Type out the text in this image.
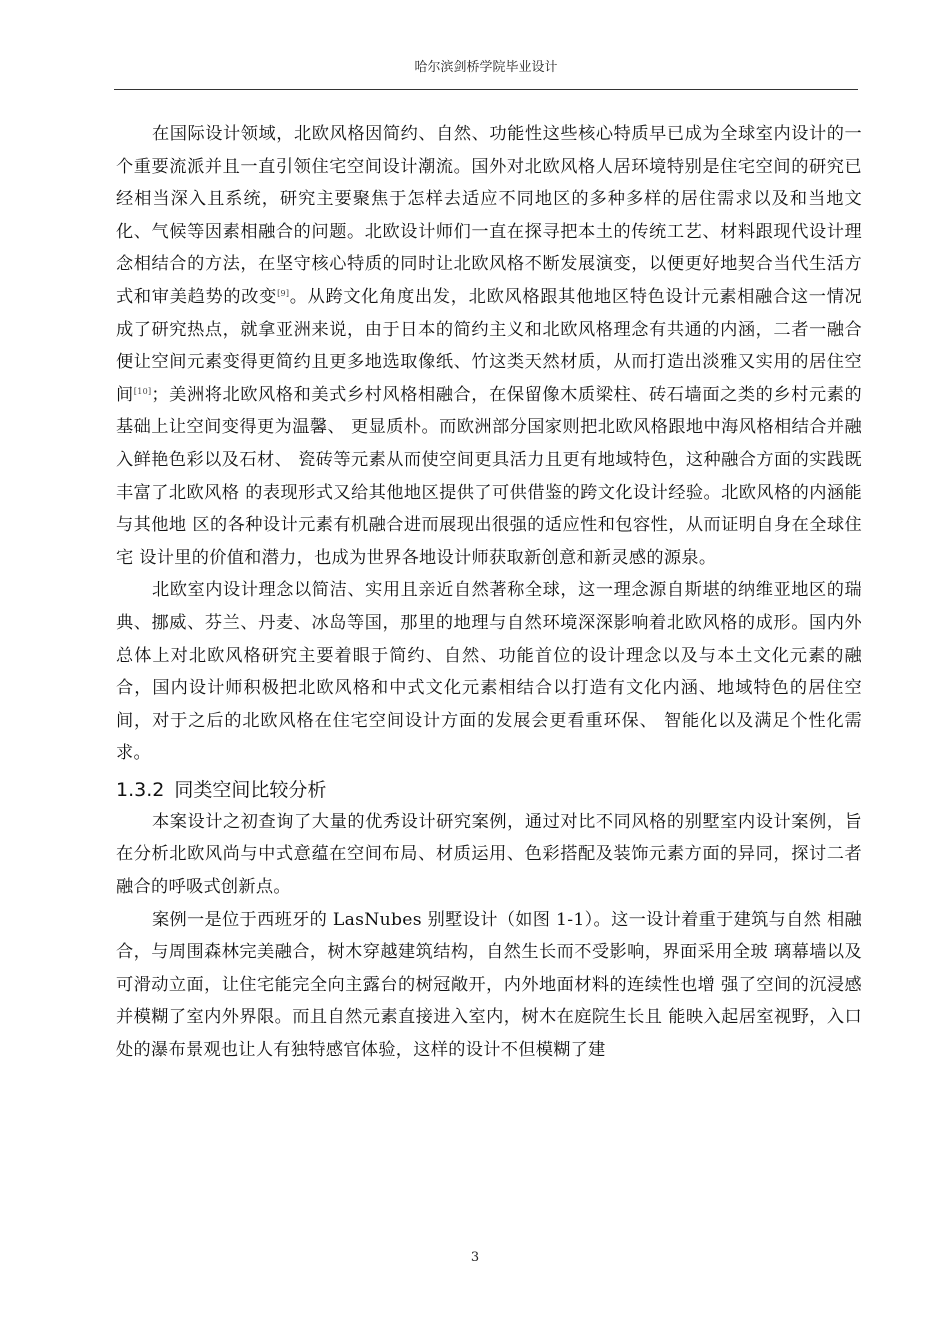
哈尔滨剑桥学院毕业设计

在国际设计领域，北欧风格因简约、自然、功能性这些核心特质早已成为全球室内设计的一个重要流派并且一直引领住宅空间设计潮流。国外对北欧风格人居环境特别是住宅空间的研究已经相当深入且系统，研究主要聚焦于怎样去适应不同地区的多种多样的居住需求以及和当地文化、气候等因素相融合的问题。北欧设计师们一直在探寻把本土的传统工艺、材料跟现代设计理念相结合的方法，在坚守核心特质的同时让北欧风格不断发展演变，以便更好地契合当代生活方式和审美趋势的改变[9]。从跨文化角度出发，北欧风格跟其他地区特色设计元素相融合这一情况成了研究热点，就拿亚洲来说，由于日本的简约主义和北欧风格理念有共通的内涵，二者一融合便让空间元素变得更简约且更多地选取像纸、竹这类天然材质，从而打造出淡雅又实用的居住空间[10]；美洲将北欧风格和美式乡村风格相融合，在保留像木质梁柱、砖石墙面之类的乡村元素的基础上让空间变得更为温馨、 更显质朴。而欧洲部分国家则把北欧风格跟地中海风格相结合并融入鲜艳色彩以及石材、 瓷砖等元素从而使空间更具活力且更有地域特色，这种融合方面的实践既丰富了北欧风格 的表现形式又给其他地区提供了可供借鉴的跨文化设计经验。北欧风格的内涵能与其他地 区的各种设计元素有机融合进而展现出很强的适应性和包容性，从而证明自身在全球住宅 设计里的价值和潜力，也成为世界各地设计师获取新创意和新灵感的源泉。

北欧室内设计理念以简洁、实用且亲近自然著称全球，这一理念源自斯堪的纳维亚地区的瑞典、挪威、芬兰、丹麦、冰岛等国，那里的地理与自然环境深深影响着北欧风格的成形。国内外总体上对北欧风格研究主要着眼于简约、自然、功能首位的设计理念以及与本土文化元素的融合，国内设计师积极把北欧风格和中式文化元素相结合以打造有文化内涵、地域特色的居住空间，对于之后的北欧风格在住宅空间设计方面的发展会更看重环保、 智能化以及满足个性化需求。

1.3.2 同类空间比较分析

本案设计之初查询了大量的优秀设计研究案例，通过对比不同风格的别墅室内设计案例，旨在分析北欧风尚与中式意蕴在空间布局、材质运用、色彩搭配及装饰元素方面的异同，探讨二者融合的呼吸式创新点。

案例一是位于西班牙的 LasNubes 别墅设计（如图 1-1）。这一设计着重于建筑与自然 相融合，与周围森林完美融合，树木穿越建筑结构，自然生长而不受影响，界面采用全玻 璃幕墙以及可滑动立面，让住宅能完全向主露台的树冠敞开，内外地面材料的连续性也增 强了空间的沉浸感并模糊了室内外界限。而且自然元素直接进入室内，树木在庭院生长且 能映入起居室视野，入口处的瀑布景观也让人有独特感官体验，这样的设计不但模糊了建

3
